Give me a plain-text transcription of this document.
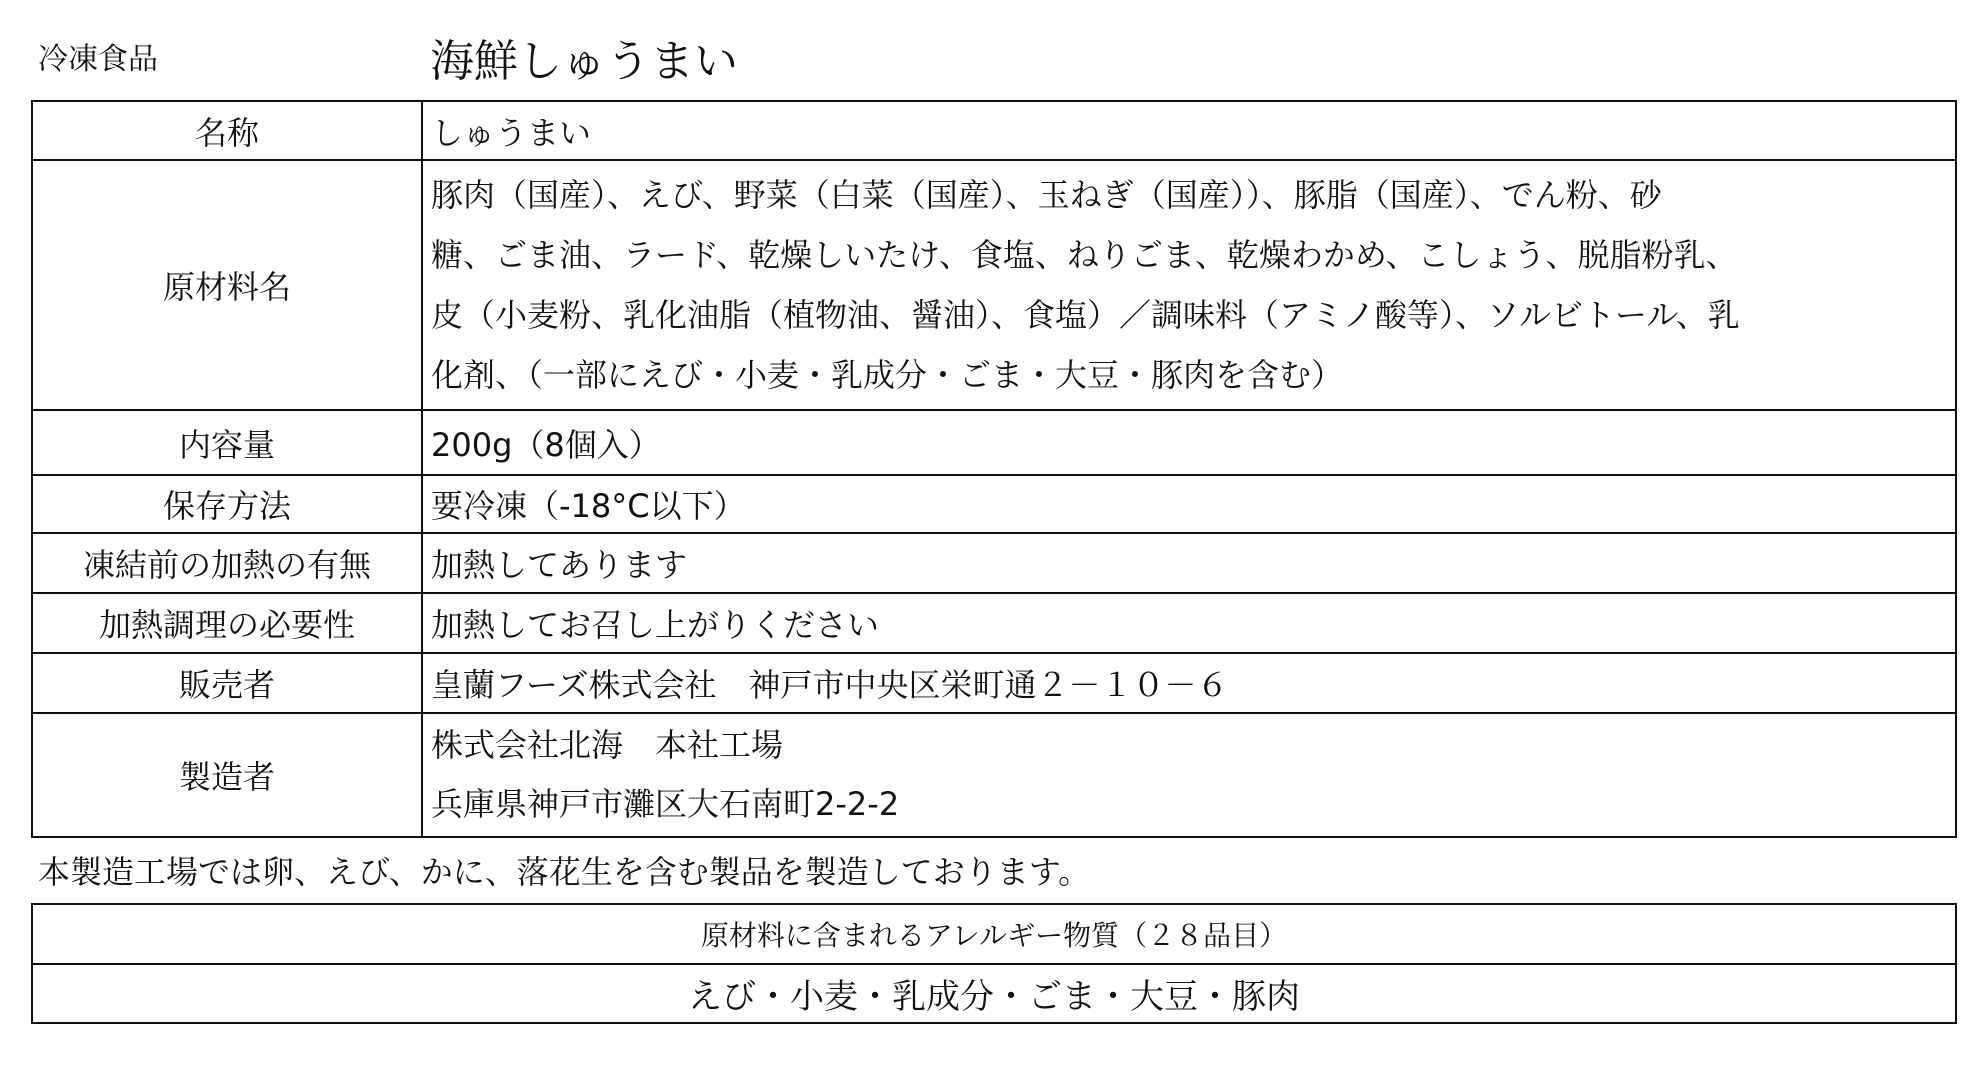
冷凍食品	海鮮しゅうまい
名称	しゅうまい

原材料名	豚肉（国産）、えび、野菜（白菜（国産）、玉ねぎ（国産））、豚脂（国産）、でん粉、砂
糖、ごま油、ラード、乾燥しいたけ、食塩、ねりごま、乾燥わかめ、こしょう、脱脂粉乳、
皮（小麦粉、乳化油脂（植物油、醤油）、食塩）／調味料（アミノ酸等）、ソルビトール、乳
化剤、（一部にえび・小麦・乳成分・ごま・大豆・豚肉を含む）

内容量	200g（8個入）

保存方法	要冷凍（-18°C以下）

凍結前の加熱の有無	加熱してあります

加熱調理の必要性	加熱してお召し上がりください

販売者	皇蘭フーズ株式会社　神戸市中央区栄町通２－１０－６

製造者	株式会社北海　本社工場
兵庫県神戸市灘区大石南町2-2-2
本製造工場では卵、えび、かに、落花生を含む製品を製造しております。
原材料に含まれるアレルギー物質（２８品目）
えび・小麦・乳成分・ごま・大豆・豚肉
